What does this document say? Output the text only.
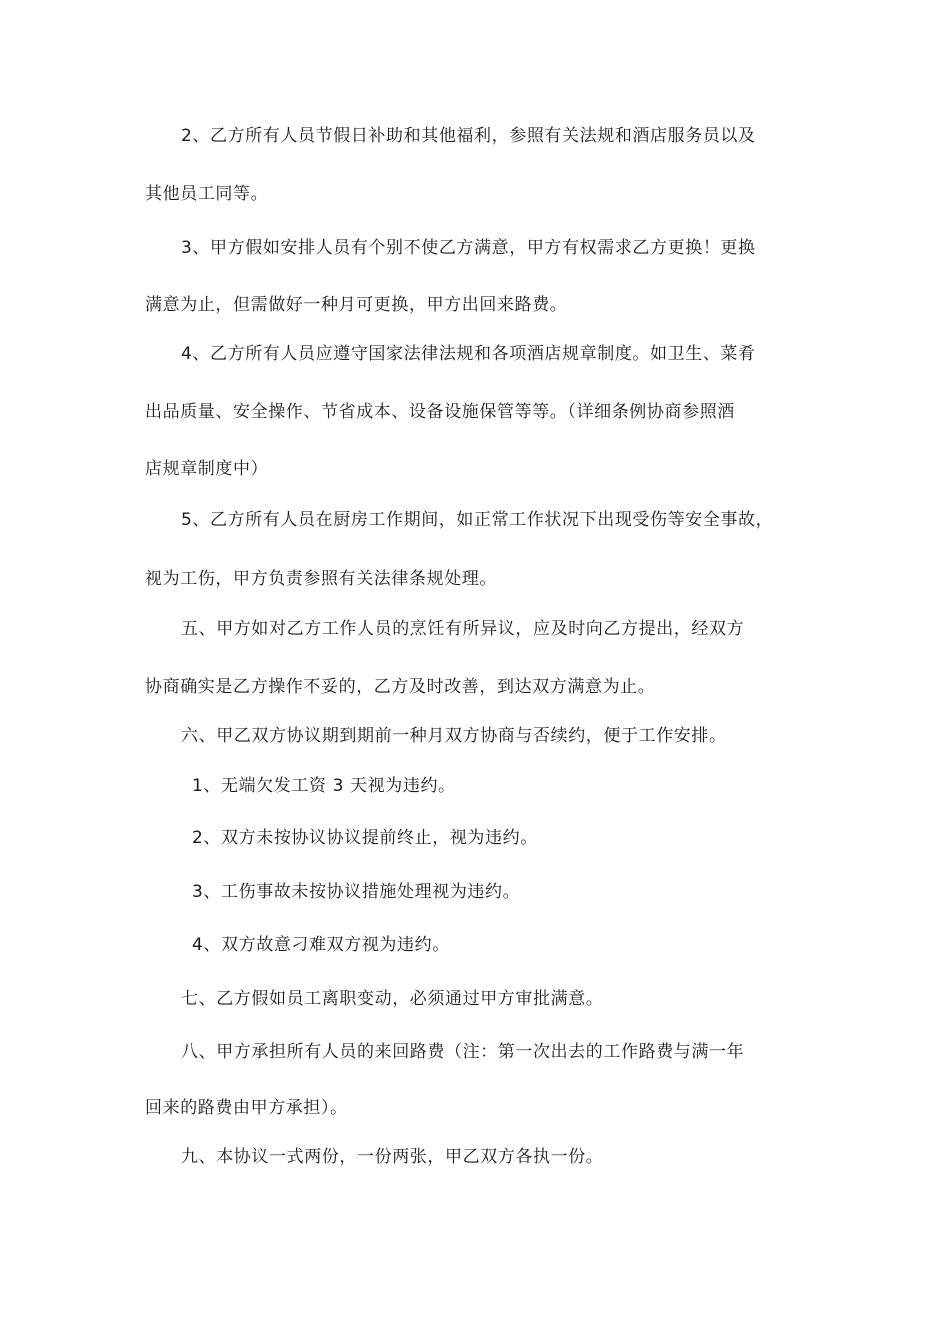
2、乙方所有人员节假日补助和其他福利，参照有关法规和酒店服务员以及
其他员工同等。
3、甲方假如安排人员有个别不使乙方满意，甲方有权需求乙方更换！更换
满意为止，但需做好一种月可更换，甲方出回来路费。
4、乙方所有人员应遵守国家法律法规和各项酒店规章制度。如卫生、菜肴
出品质量、安全操作、节省成本、设备设施保管等等。（详细条例协商参照酒
店规章制度中）
5、乙方所有人员在厨房工作期间，如正常工作状况下出现受伤等安全事故，
视为工伤，甲方负责参照有关法律条规处理。
五、甲方如对乙方工作人员的烹饪有所异议，应及时向乙方提出，经双方
协商确实是乙方操作不妥的，乙方及时改善，到达双方满意为止。
六、甲乙双方协议期到期前一种月双方协商与否续约，便于工作安排。
1、无端欠发工资 3 天视为违约。
2、双方未按协议协议提前终止，视为违约。
3、工伤事故未按协议措施处理视为违约。
4、双方故意刁难双方视为违约。
七、乙方假如员工离职变动，必须通过甲方审批满意。
八、甲方承担所有人员的来回路费（注：第一次出去的工作路费与满一年
回来的路费由甲方承担）。
九、本协议一式两份，一份两张，甲乙双方各执一份。
